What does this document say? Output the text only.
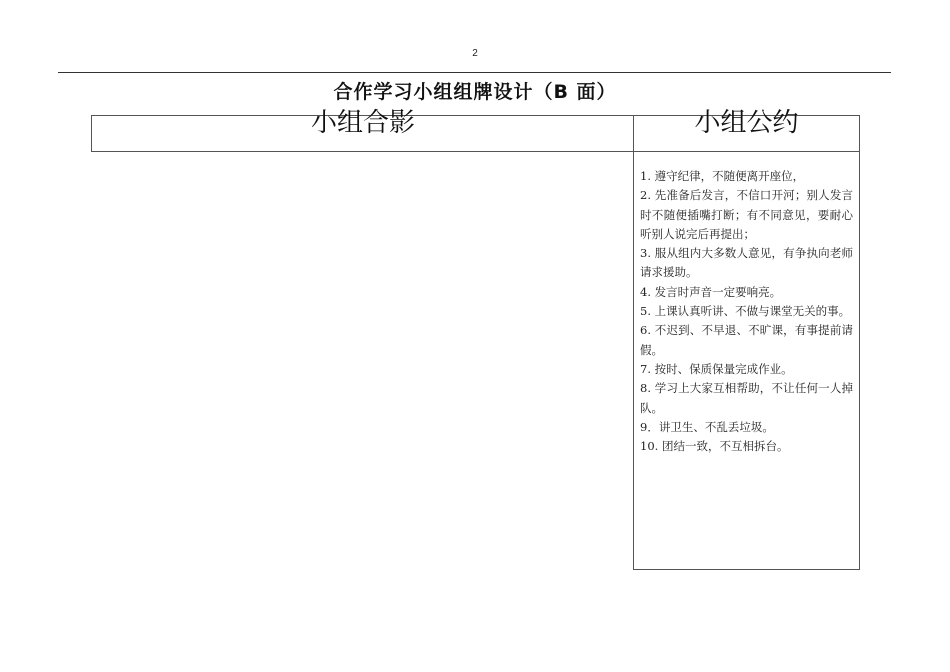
2
合作学习小组组牌设计（B 面）
小组合影	小组公约
1. 遵守纪律，不随便离开座位，
2. 先准备后发言，不信口开河；别人发言时不随便插嘴打断；有不同意见，要耐心听别人说完后再提出；
3. 服从组内大多数人意见，有争执向老师请求援助。
4. 发言时声音一定要响亮。
5. 上课认真听讲、不做与课堂无关的事。
6. 不迟到、不早退、不旷课，有事提前请假。
7. 按时、保质保量完成作业。
8. 学习上大家互相帮助，不让任何一人掉队。
9．讲卫生、不乱丢垃圾。
10. 团结一致，不互相拆台。
